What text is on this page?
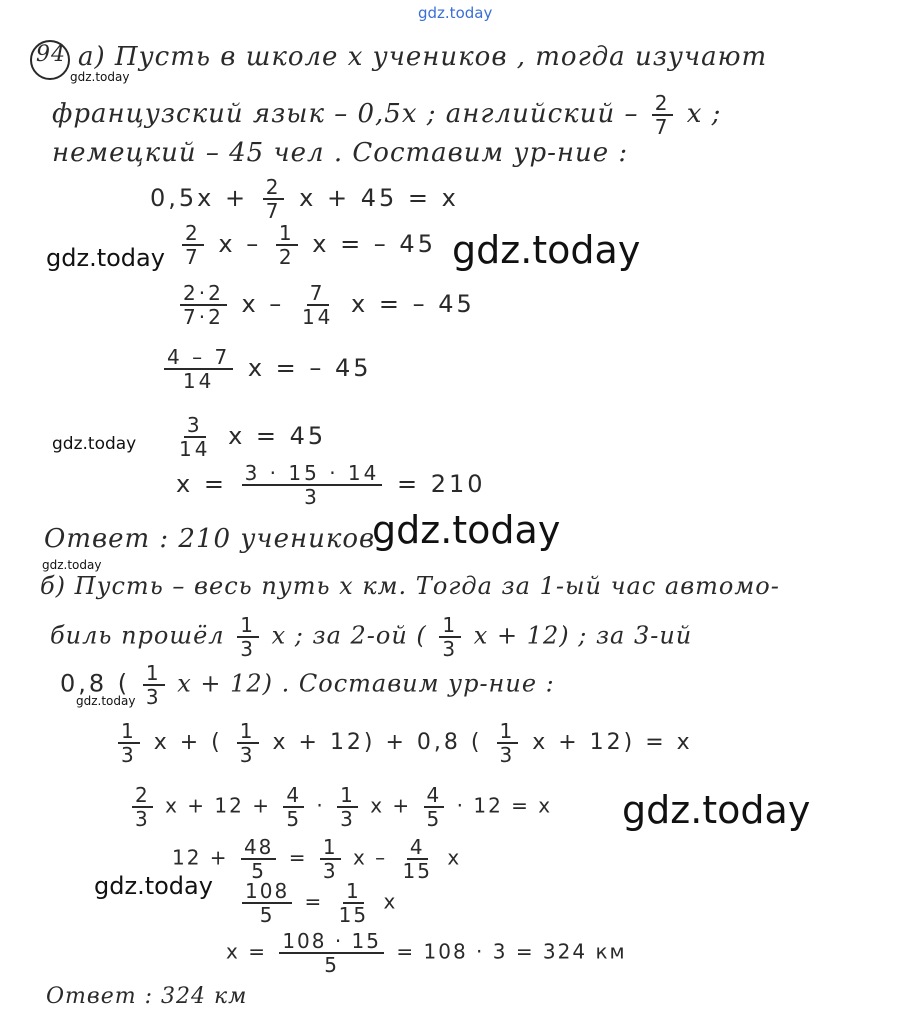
gdz.today
94 а) Пусть в школе х учеников , тогда изучают
gdz.today
французский язык – 0,5х ; английский – $\frac{2}{7}$ х ;
немецкий – 45 чел . Составим ур-ние :
$0,5х + \frac{2}{7}$ х + 45 = х
$\frac{2}{7}$ х – $\frac{1}{2}$ х = – 45
gdz.today	gdz.today
$\frac{2\cdot 2}{7\cdot 2}$ х – $\frac{7}{14}$ х = – 45
$\frac{4 - 7}{14}$ х = – 45
gdz.today $\frac{3}{14}$ х = 45
$х = \frac{3 \cdot 15 \cdot 14}{3} = 210$
Ответ : 210 учеников
gdz.today
gdz.today
б) Пусть – весь путь х км. Тогда за 1-ый час автомо-
биль прошёл $\frac{1}{3}$ х ; за 2-ой ( $\frac{1}{3}$ х + 12) ; за 3-ий
0,8 ( $\frac{1}{3}$ х + 12) . Составим ур-ние :
gdz.today
$\frac{1}{3}$ х + ( $\frac{1}{3}$ х + 12) + 0,8 ( $\frac{1}{3}$ х + 12) = х
$\frac{2}{3}$ $х + 12 + \frac{4}{5} \cdot \frac{1}{3}$ $х + \frac{4}{5} \cdot 12 = х$ gdz.today
$12 + \frac{48}{5} = \frac{1}{3}$ х – $\frac{4}{15}$ х
gdz.today $\frac{108}{5} = \frac{1}{15}$ х
$х = \frac{108 \cdot 15}{5} = 108 \cdot 3 = 324$ км
Ответ : 324 км
